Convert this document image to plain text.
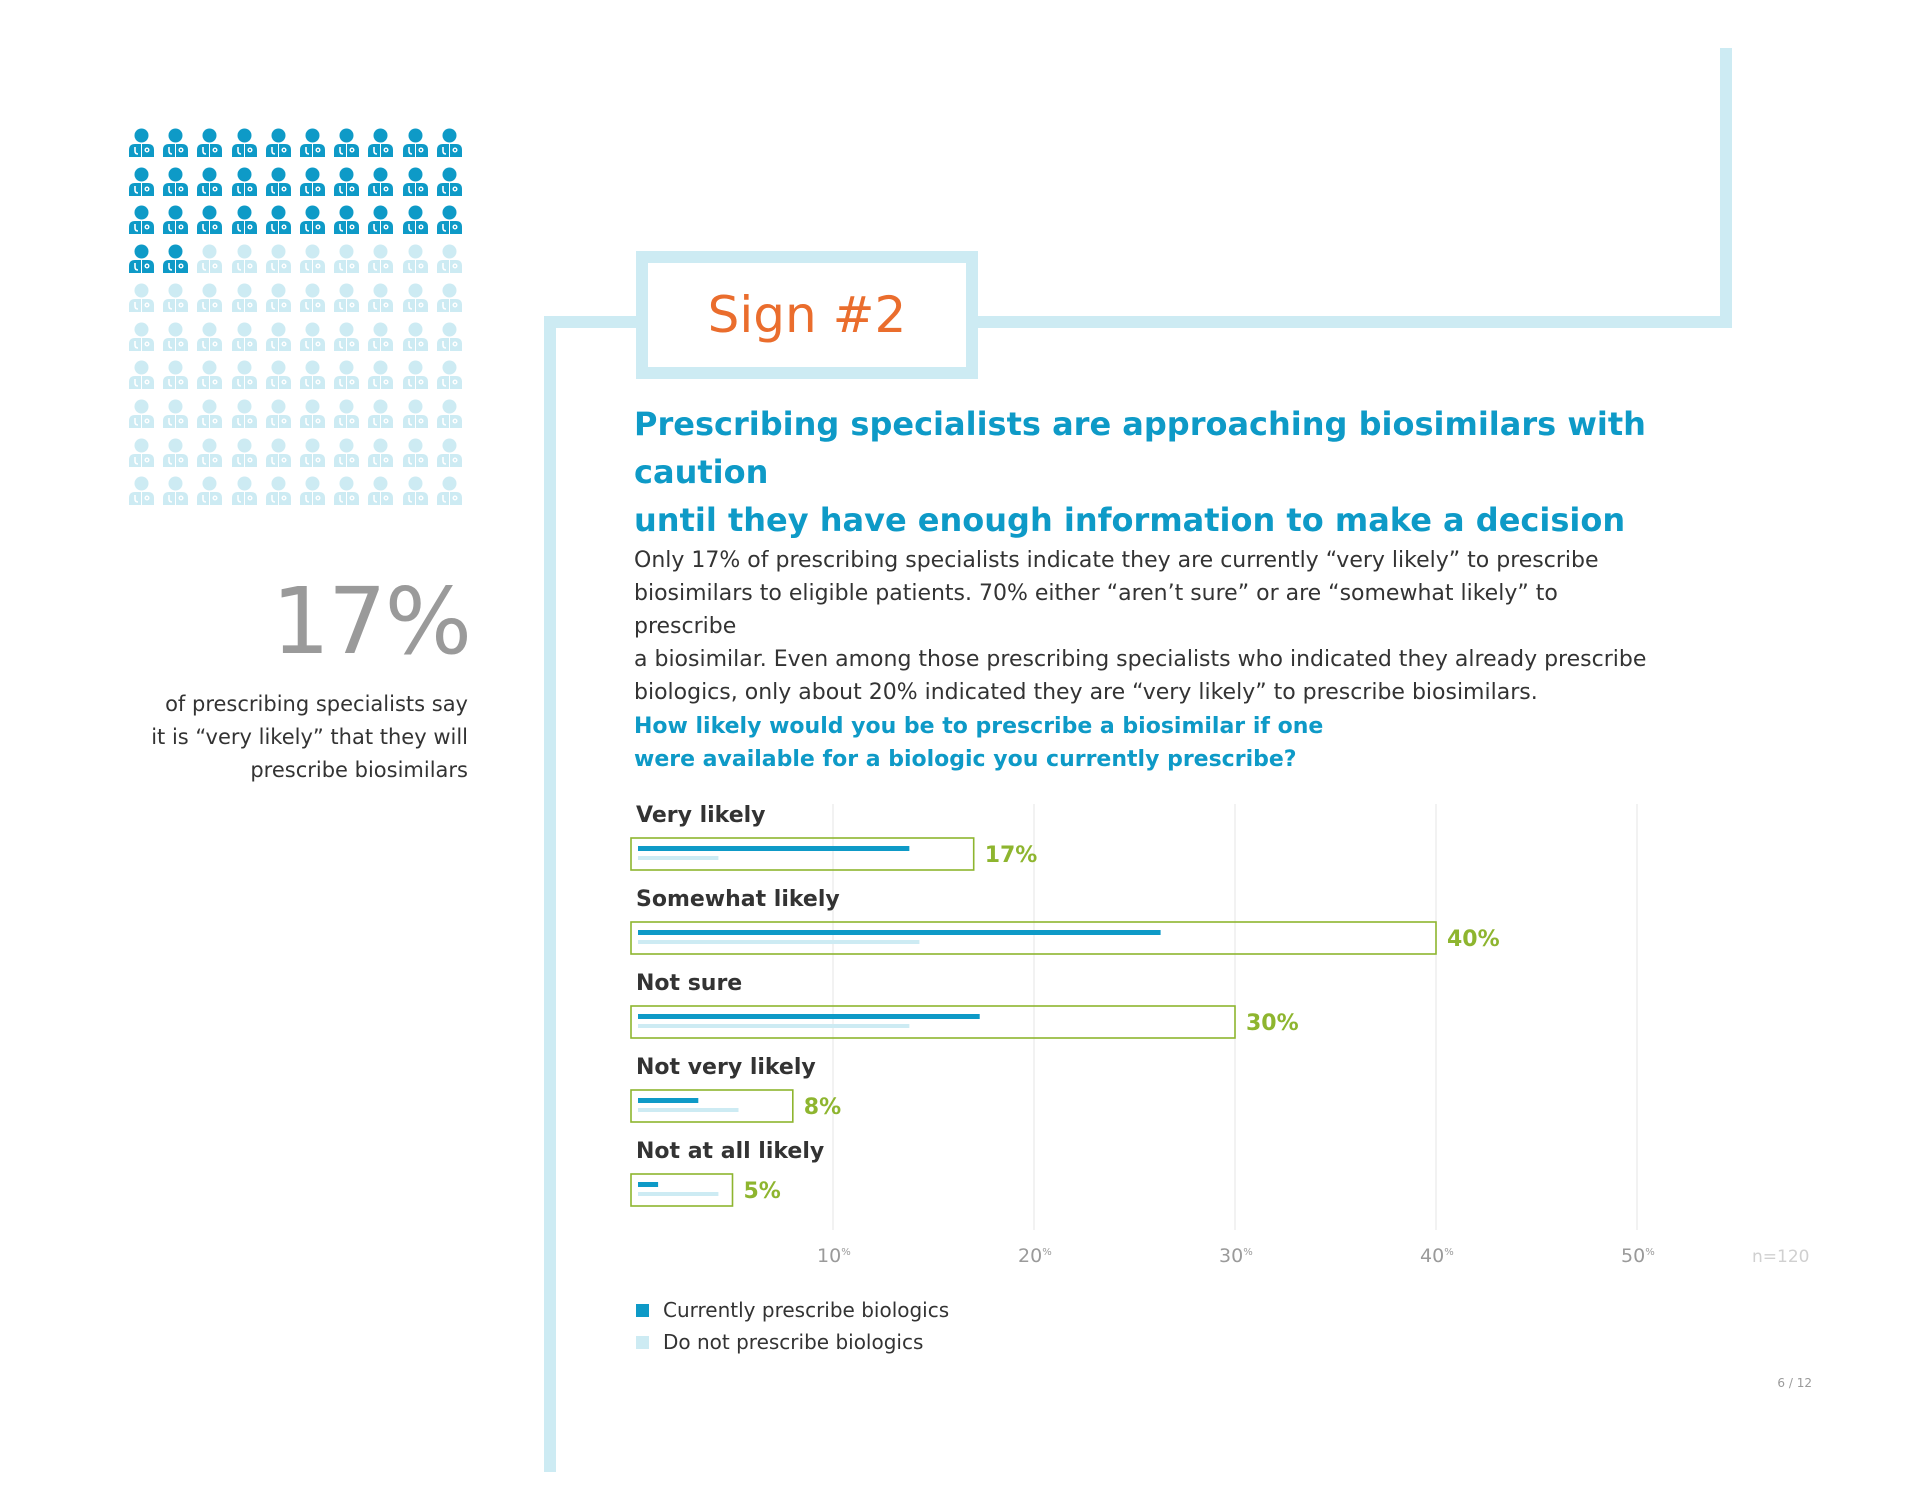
Sign #2
17%
of prescribing specialists say
it is “very likely” that they will
prescribe biosimilars
Prescribing specialists are approaching biosimilars with caution
until they have enough information to make a decision
Only 17% of prescribing specialists indicate they are currently “very likely” to prescribe
biosimilars to eligible patients. 70% either “aren’t sure” or are “somewhat likely” to prescribe
a biosimilar. Even among those prescribing specialists who indicated they already prescribe
biologics, only about 20% indicated they are “very likely” to prescribe biosimilars.
How likely would you be to prescribe a biosimilar if one
were available for a biologic you currently prescribe?
Very likely
17%
Somewhat likely
40%
Not sure
30%
Not very likely
8%
Not at all likely
5%
10%	20%	30%	40%	50%	n=120
Currently prescribe biologics
Do not prescribe biologics
6 / 12
